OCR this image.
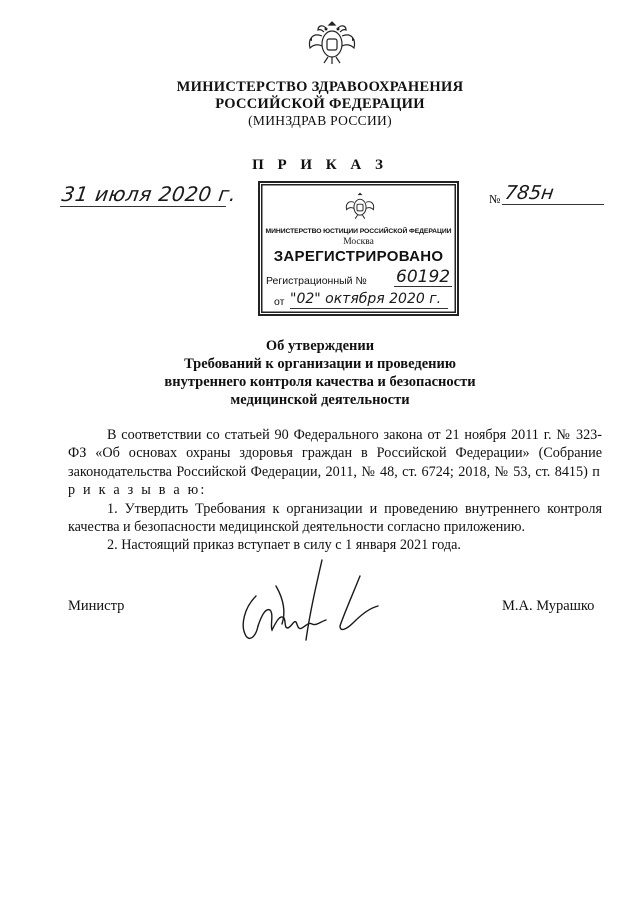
МИНИСТЕРСТВО ЗДРАВООХРАНЕНИЯ
РОССИЙСКОЙ ФЕДЕРАЦИИ
(МИНЗДРАВ РОССИИ)
П Р И К А З
31 июля 2020 г.	№ 785н
МИНИСТЕРСТВО ЮСТИЦИИ РОССИЙСКОЙ ФЕДЕРАЦИИ
Москва
ЗАРЕГИСТРИРОВАНО
Регистрационный № 60192
от "02" октября 2020 г.
Об утверждении
Требований к организации и проведению
внутреннего контроля качества и безопасности
медицинской деятельности

В соответствии со статьей 90 Федерального закона от 21 ноября 2011 г. № 323-ФЗ «Об основах охраны здоровья граждан в Российской Федерации» (Собрание законодательства Российской Федерации, 2011, № 48, ст. 6724; 2018, № 53, ст. 8415) п р и к а з ы в а ю:

1. Утвердить Требования к организации и проведению внутреннего контроля качества и безопасности медицинской деятельности согласно приложению.

2. Настоящий приказ вступает в силу с 1 января 2021 года.

Министр	М.А. Мурашко
